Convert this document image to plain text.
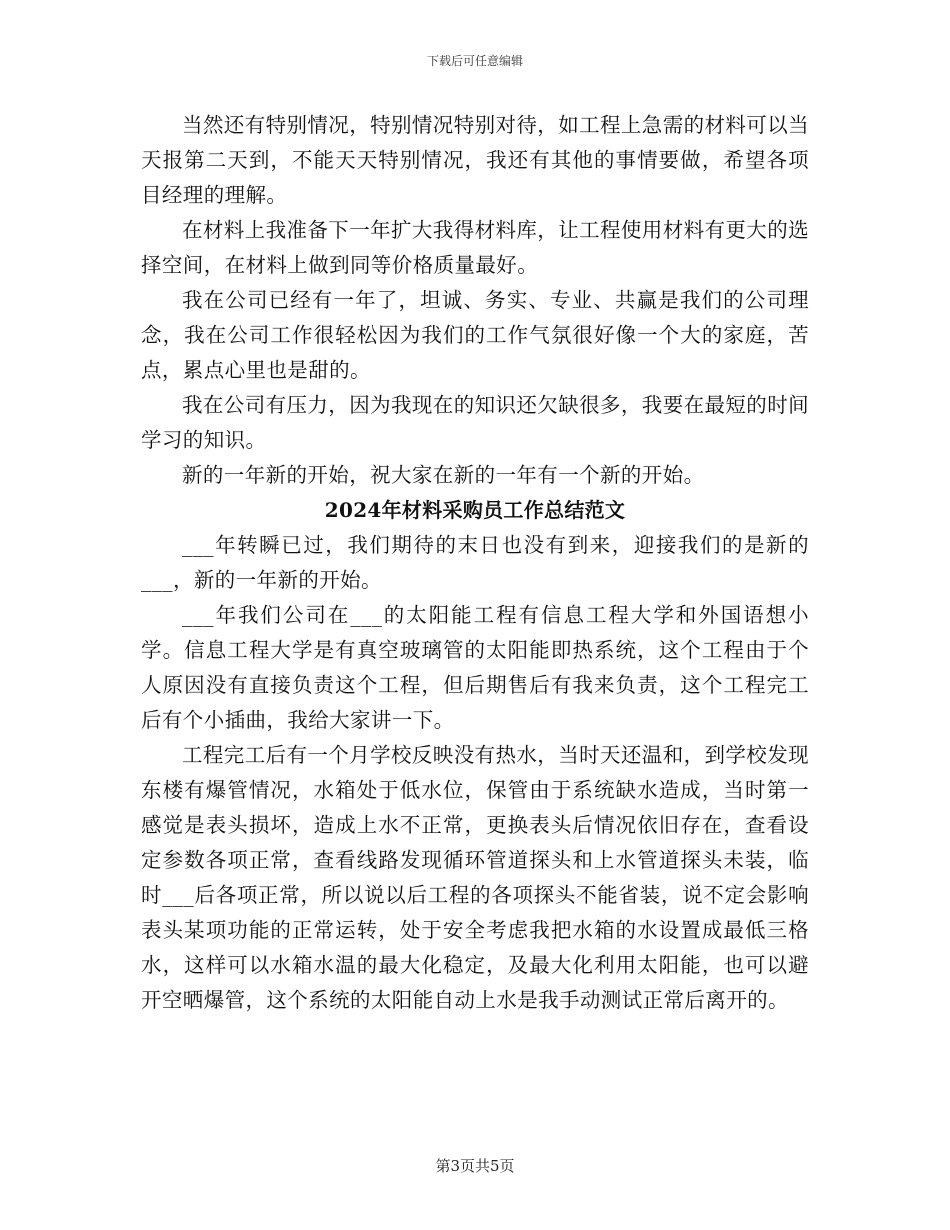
下载后可任意编辑

当然还有特别情况，特别情况特别对待，如工程上急需的材料可以当天报第二天到，不能天天特别情况，我还有其他的事情要做，希望各项目经理的理解。

在材料上我准备下一年扩大我得材料库，让工程使用材料有更大的选择空间，在材料上做到同等价格质量最好。

我在公司已经有一年了，坦诚、务实、专业、共赢是我们的公司理念，我在公司工作很轻松因为我们的工作气氛很好像一个大的家庭，苦点，累点心里也是甜的。

我在公司有压力，因为我现在的知识还欠缺很多，我要在最短的时间学习的知识。

新的一年新的开始，祝大家在新的一年有一个新的开始。

2024年材料采购员工作总结范文

___年转瞬已过，我们期待的末日也没有到来，迎接我们的是新的___，新的一年新的开始。

___年我们公司在___的太阳能工程有信息工程大学和外国语想小学。信息工程大学是有真空玻璃管的太阳能即热系统，这个工程由于个人原因没有直接负责这个工程，但后期售后有我来负责，这个工程完工后有个小插曲，我给大家讲一下。

工程完工后有一个月学校反映没有热水，当时天还温和，到学校发现东楼有爆管情况，水箱处于低水位，保管由于系统缺水造成，当时第一感觉是表头损坏，造成上水不正常，更换表头后情况依旧存在，查看设定参数各项正常，查看线路发现循环管道探头和上水管道探头未装，临时___后各项正常，所以说以后工程的各项探头不能省装，说不定会影响表头某项功能的正常运转，处于安全考虑我把水箱的水设置成最低三格水，这样可以水箱水温的最大化稳定，及最大化利用太阳能，也可以避开空晒爆管，这个系统的太阳能自动上水是我手动测试正常后离开的。

第3页共5页
